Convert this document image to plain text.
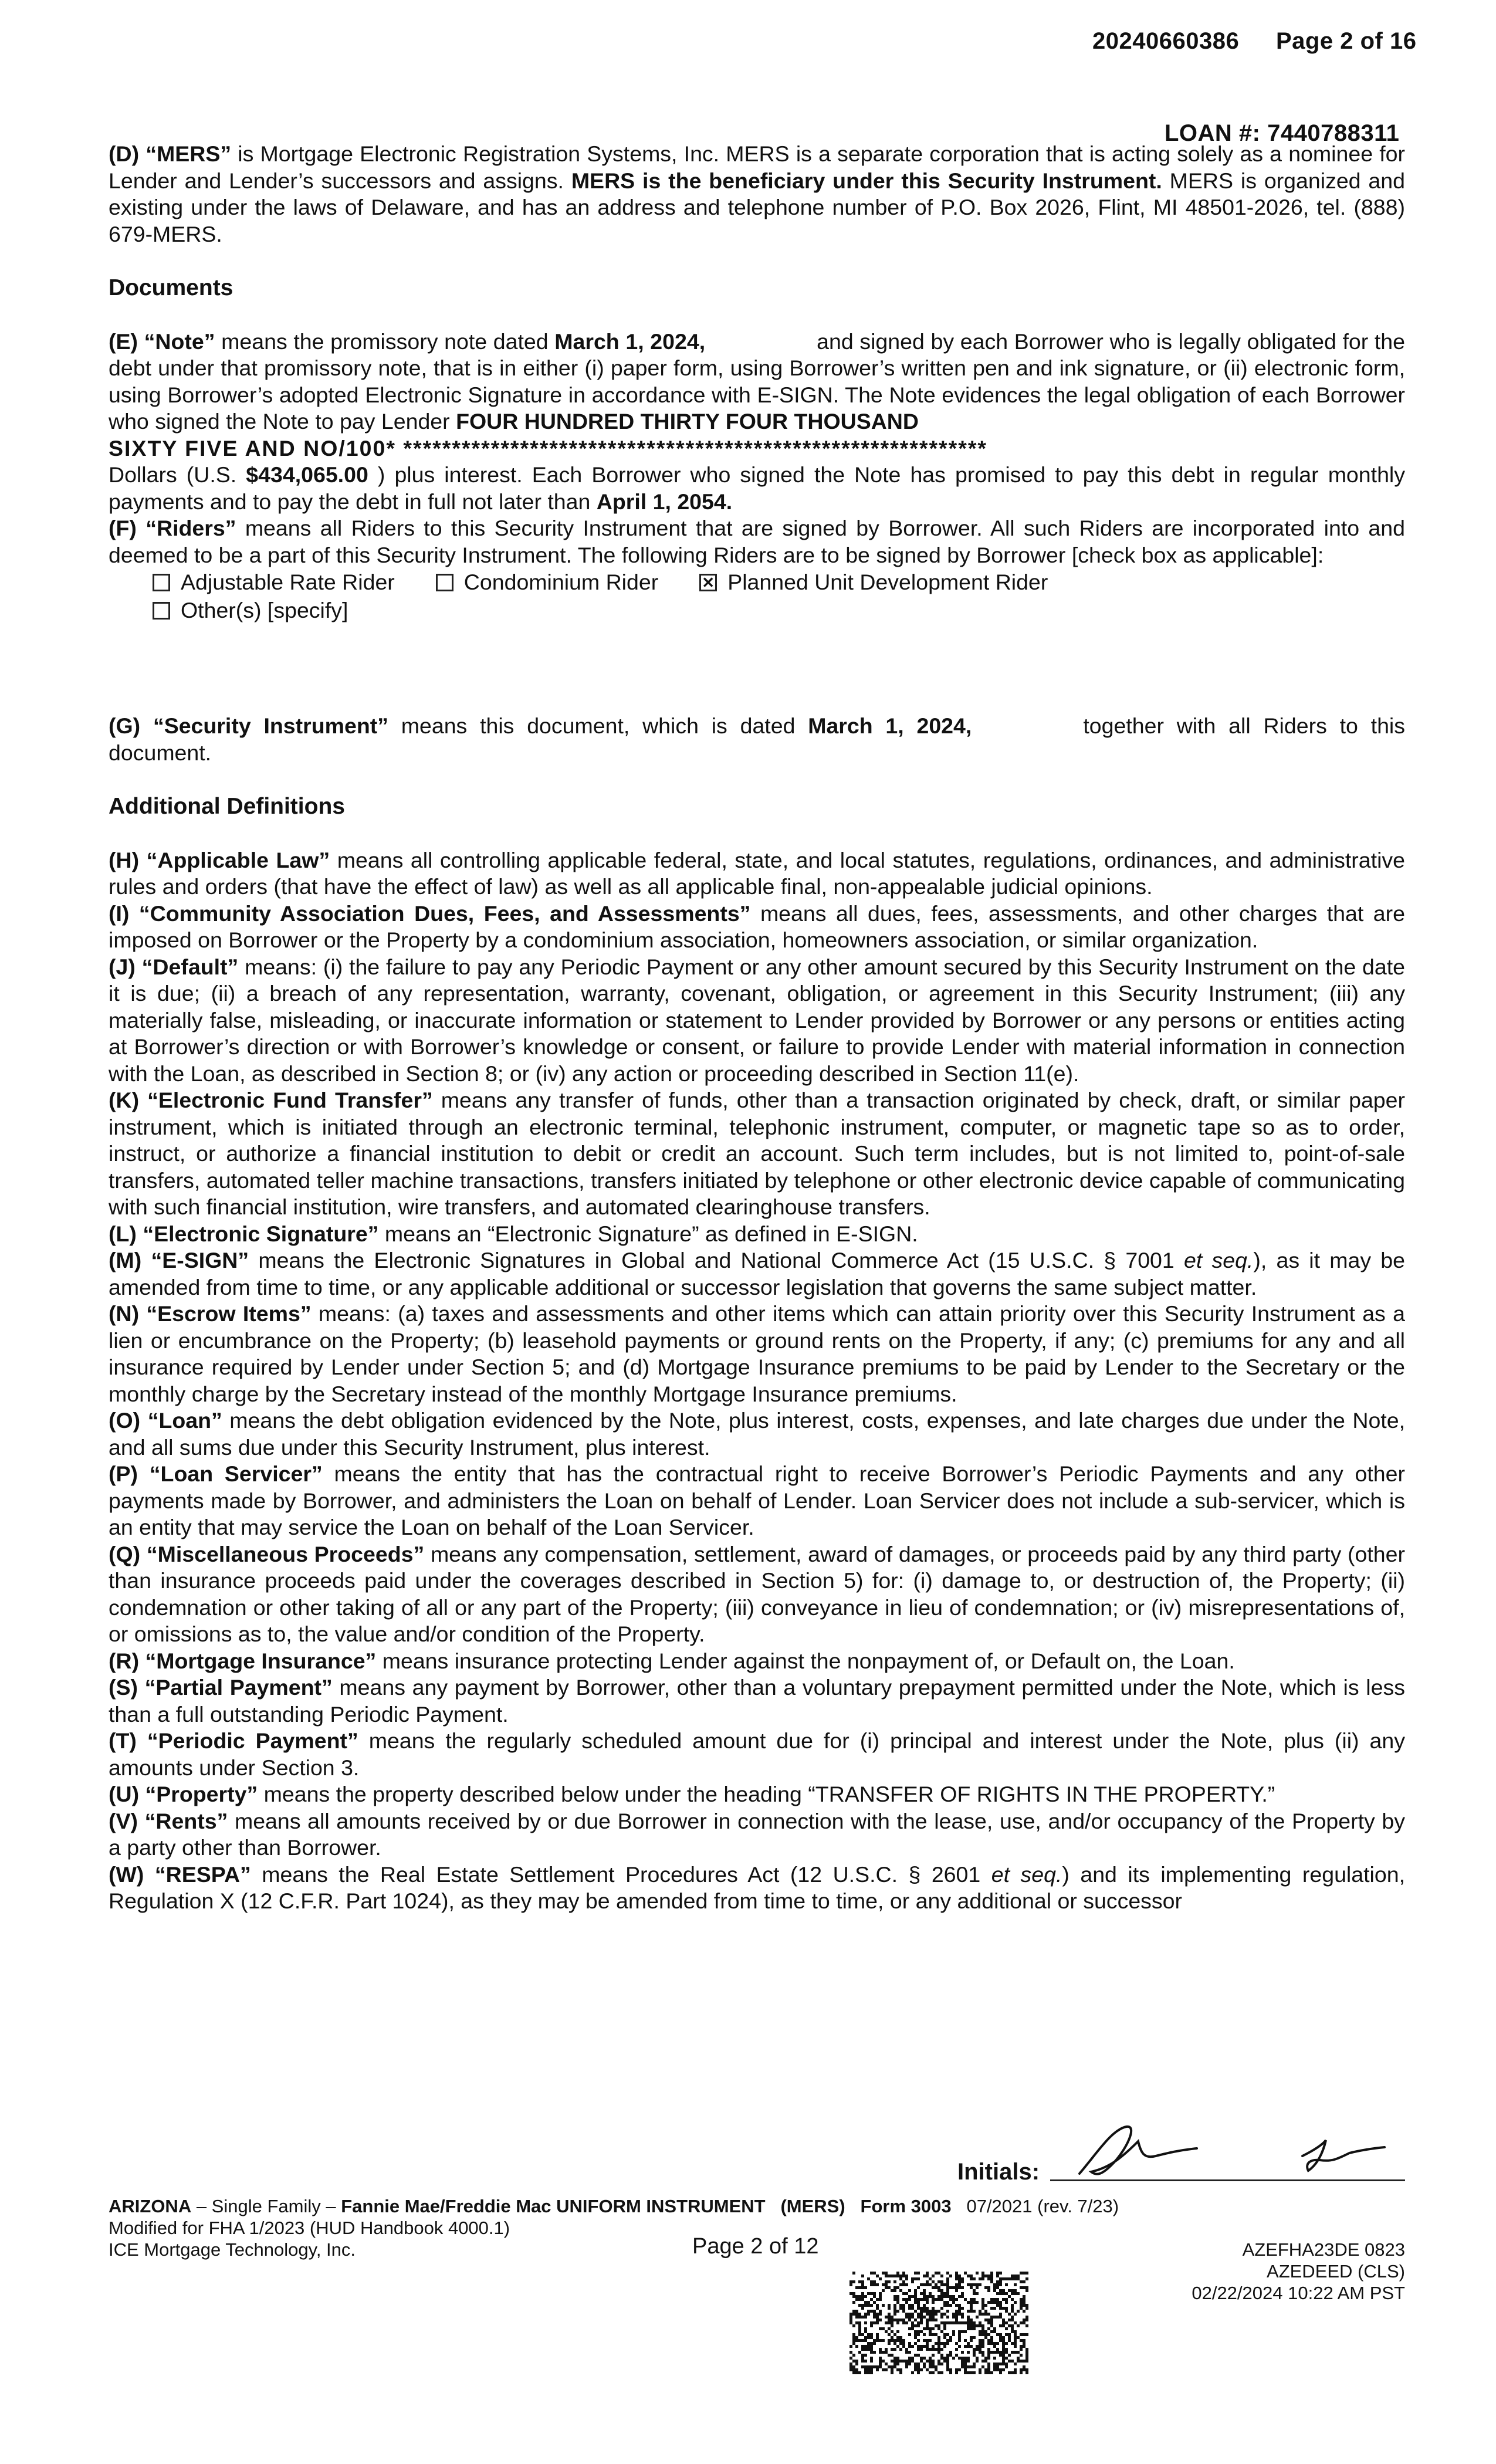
20240660386 Page 2 of 16
LOAN #: 7440788311

(D) “MERS” is Mortgage Electronic Registration Systems, Inc. MERS is a separate corporation that is acting solely as a nominee for Lender and Lender’s successors and assigns. MERS is the beneficiary under this Security Instrument. MERS is organized and existing under the laws of Delaware, and has an address and telephone number of P.O. Box 2026, Flint, MI 48501-2026, tel. (888) 679-MERS.

Documents

(E) “Note” means the promissory note dated March 1, 2024,	and signed by each Borrower who is legally obligated for the debt under that promissory note, that is in either (i) paper form, using Borrower’s written pen and ink signature, or (ii) electronic form, using Borrower’s adopted Electronic Signature in accordance with E-SIGN. The Note evidences the legal obligation of each Borrower who signed the Note to pay Lender FOUR HUNDRED THIRTY FOUR THOUSAND
SIXTY FIVE AND NO/100* ************************************************************
Dollars (U.S. $434,065.00 ) plus interest. Each Borrower who signed the Note has promised to pay this debt in regular monthly payments and to pay the debt in full not later than April 1, 2054.

(F) “Riders” means all Riders to this Security Instrument that are signed by Borrower. All such Riders are incorporated into and deemed to be a part of this Security Instrument. The following Riders are to be signed by Borrower [check box as applicable]:

Adjustable Rate Rider	Condominium Rider	✕ Planned Unit Development Rider
Other(s) [specify]

(G) “Security Instrument” means this document, which is dated March 1, 2024,	together with all Riders to this document.

Additional Definitions

(H) “Applicable Law” means all controlling applicable federal, state, and local statutes, regulations, ordinances, and administrative rules and orders (that have the effect of law) as well as all applicable final, non-appealable judicial opinions.

(I) “Community Association Dues, Fees, and Assessments” means all dues, fees, assessments, and other charges that are imposed on Borrower or the Property by a condominium association, homeowners association, or similar organization.

(J) “Default” means: (i) the failure to pay any Periodic Payment or any other amount secured by this Security Instrument on the date it is due; (ii) a breach of any representation, warranty, covenant, obligation, or agreement in this Security Instrument; (iii) any materially false, misleading, or inaccurate information or statement to Lender provided by Borrower or any persons or entities acting at Borrower’s direction or with Borrower’s knowledge or consent, or failure to provide Lender with material information in connection with the Loan, as described in Section 8; or (iv) any action or proceeding described in Section 11(e).

(K) “Electronic Fund Transfer” means any transfer of funds, other than a transaction originated by check, draft, or similar paper instrument, which is initiated through an electronic terminal, telephonic instrument, computer, or magnetic tape so as to order, instruct, or authorize a financial institution to debit or credit an account. Such term includes, but is not limited to, point-of-sale transfers, automated teller machine transactions, transfers initiated by telephone or other electronic device capable of communicating with such financial institution, wire transfers, and automated clearinghouse transfers.

(L) “Electronic Signature” means an “Electronic Signature” as defined in E-SIGN.

(M) “E-SIGN” means the Electronic Signatures in Global and National Commerce Act (15 U.S.C. § 7001 et seq.), as it may be amended from time to time, or any applicable additional or successor legislation that governs the same subject matter.

(N) “Escrow Items” means: (a) taxes and assessments and other items which can attain priority over this Security Instrument as a lien or encumbrance on the Property; (b) leasehold payments or ground rents on the Property, if any; (c) premiums for any and all insurance required by Lender under Section 5; and (d) Mortgage Insurance premiums to be paid by Lender to the Secretary or the monthly charge by the Secretary instead of the monthly Mortgage Insurance premiums.

(O) “Loan” means the debt obligation evidenced by the Note, plus interest, costs, expenses, and late charges due under the Note, and all sums due under this Security Instrument, plus interest.

(P) “Loan Servicer” means the entity that has the contractual right to receive Borrower’s Periodic Payments and any other payments made by Borrower, and administers the Loan on behalf of Lender. Loan Servicer does not include a sub-servicer, which is an entity that may service the Loan on behalf of the Loan Servicer.

(Q) “Miscellaneous Proceeds” means any compensation, settlement, award of damages, or proceeds paid by any third party (other than insurance proceeds paid under the coverages described in Section 5) for: (i) damage to, or destruction of, the Property; (ii) condemnation or other taking of all or any part of the Property; (iii) conveyance in lieu of condemnation; or (iv) misrepresentations of, or omissions as to, the value and/or condition of the Property.

(R) “Mortgage Insurance” means insurance protecting Lender against the nonpayment of, or Default on, the Loan.

(S) “Partial Payment” means any payment by Borrower, other than a voluntary prepayment permitted under the Note, which is less than a full outstanding Periodic Payment.

(T) “Periodic Payment” means the regularly scheduled amount due for (i) principal and interest under the Note, plus (ii) any amounts under Section 3.

(U) “Property” means the property described below under the heading “TRANSFER OF RIGHTS IN THE PROPERTY.”

(V) “Rents” means all amounts received by or due Borrower in connection with the lease, use, and/or occupancy of the Property by a party other than Borrower.

(W) “RESPA” means the Real Estate Settlement Procedures Act (12 U.S.C. § 2601 et seq.) and its implementing regulation, Regulation X (12 C.F.R. Part 1024), as they may be amended from time to time, or any additional or successor

Initials:
ARIZONA – Single Family – Fannie Mae/Freddie Mac UNIFORM INSTRUMENT (MERS) Form 3003 07/2021 (rev. 7/23)
Modified for FHA 1/2023 (HUD Handbook 4000.1)
ICE Mortgage Technology, Inc.	Page 2 of 12	AZEFHA23DE 0823
AZEDEED (CLS)
02/22/2024 10:22 AM PST
